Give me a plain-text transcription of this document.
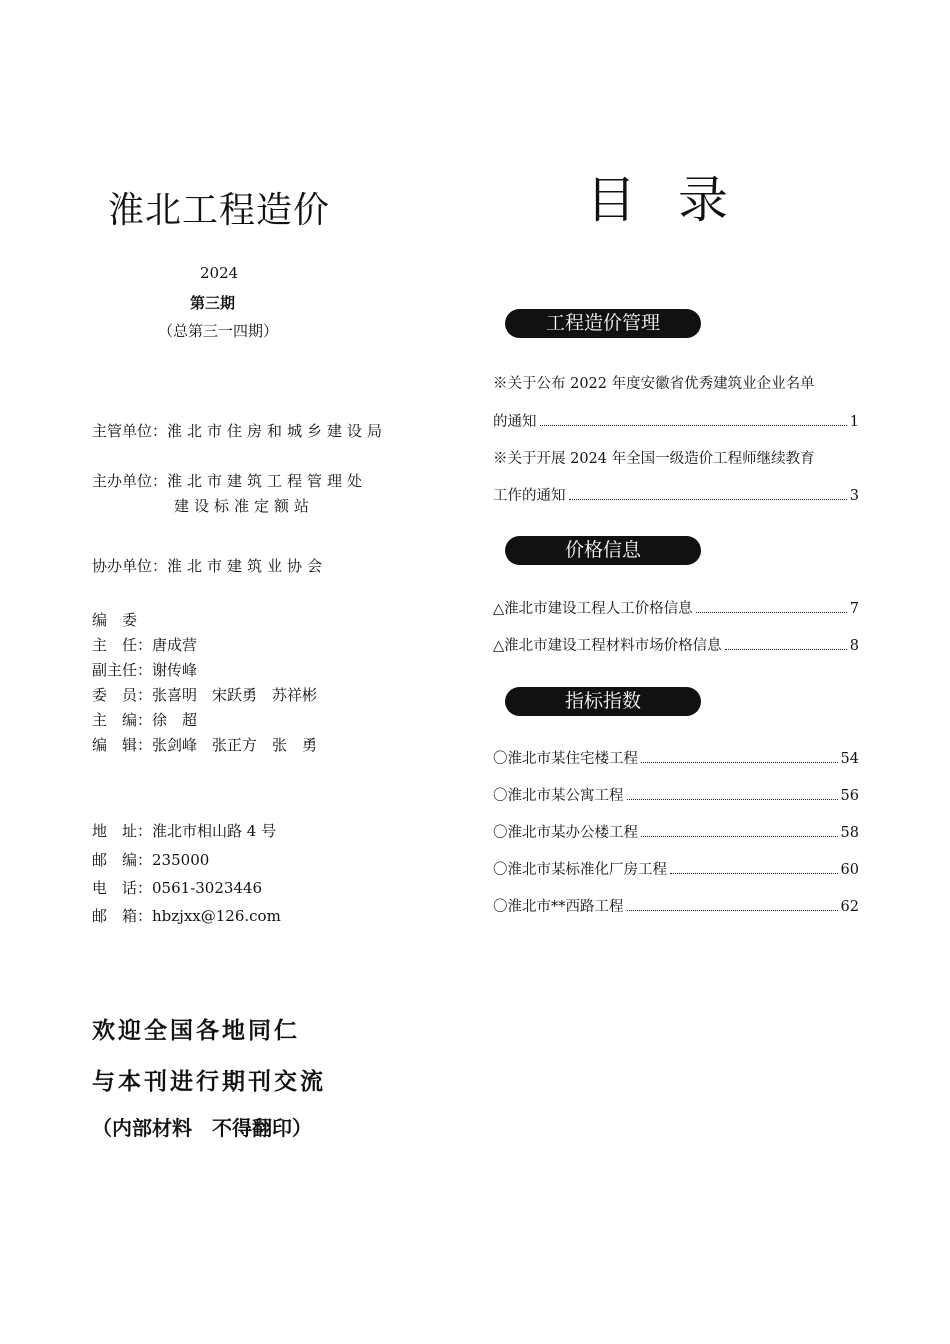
淮北工程造价
2024
第三期
（总第三一四期）
主管单位：淮北市住房和城乡建设局
主办单位：淮北市建筑工程管理处
建设标准定额站
协办单位：淮北市建筑业协会
编　委
主　任：唐成营
副主任：谢传峰
委　员：张喜明　宋跃勇　苏祥彬
主　编：徐　超
编　辑：张剑峰　张正方　张　勇
地　址：淮北市相山路 4 号
邮　编：235000
电　话：0561-3023446
邮　箱：hbzjxx@126.com
欢迎全国各地同仁
与本刊进行期刊交流
（内部材料　不得翻印）
目录
工程造价管理
※关于公布 2022 年度安徽省优秀建筑业企业名单
的通知	1
※关于开展 2024 年全国一级造价工程师继续教育
工作的通知	3
价格信息
△淮北市建设工程人工价格信息	7
△淮北市建设工程材料市场价格信息	8
指标指数
〇淮北市某住宅楼工程	54
〇淮北市某公寓工程	56
〇淮北市某办公楼工程	58
〇淮北市某标准化厂房工程	60
〇淮北市**西路工程	62
